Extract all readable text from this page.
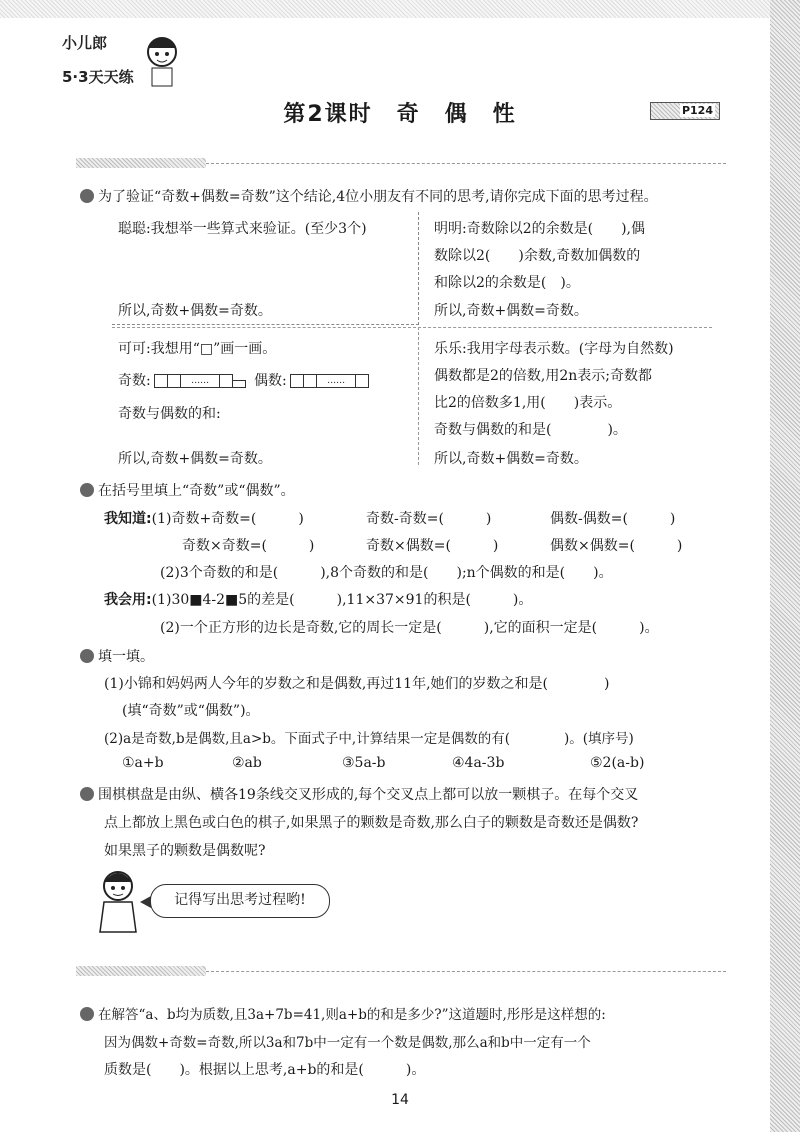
小儿郎
5·3天天练
第2课时　奇　偶　性	P124
为了验证“奇数+偶数=奇数”这个结论,4位小朋友有不同的思考,请你完成下面的思考过程。
聪聪:我想举一些算式来验证。(至少3个)
所以,奇数+偶数=奇数。
明明:奇数除以2的余数是(　　),偶
数除以2(　　)余数,奇数加偶数的
和除以2的余数是(　)。
所以,奇数+偶数=奇数。
可可:我想用“□”画一画。
奇数:	……	偶数:	……
奇数与偶数的和:
所以,奇数+偶数=奇数。
乐乐:我用字母表示数。(字母为自然数)
偶数都是2的倍数,用2n表示;奇数都
比2的倍数多1,用(　　)表示。
奇数与偶数的和是(　　　　)。
所以,奇数+偶数=奇数。
在括号里填上“奇数”或“偶数”。
我知道:(1)奇数+奇数=(　　　)	奇数-奇数=(　　　)	偶数-偶数=(　　　)
奇数×奇数=(　　　)	奇数×偶数=(　　　)	偶数×偶数=(　　　)
(2)3个奇数的和是(　　　),8个奇数的和是(　　);n个偶数的和是(　　)。
我会用:(1)30■4-2■5的差是(　　　),11×37×91的积是(　　　)。
(2)一个正方形的边长是奇数,它的周长一定是(　　　),它的面积一定是(　　　)。
填一填。
(1)小锦和妈妈两人今年的岁数之和是偶数,再过11年,她们的岁数之和是(　　　　)
(填“奇数”或“偶数”)。
(2)a是奇数,b是偶数,且a>b。下面式子中,计算结果一定是偶数的有(　　　　)。(填序号)
①a+b	②ab	③5a-b	④4a-3b	⑤2(a-b)
围棋棋盘是由纵、横各19条线交叉形成的,每个交叉点上都可以放一颗棋子。在每个交叉
点上都放上黑色或白色的棋子,如果黑子的颗数是奇数,那么白子的颗数是奇数还是偶数?
如果黑子的颗数是偶数呢?
记得写出思考过程哟!
在解答“a、b均为质数,且3a+7b=41,则a+b的和是多少?”这道题时,彤彤是这样想的:
因为偶数+奇数=奇数,所以3a和7b中一定有一个数是偶数,那么a和b中一定有一个
质数是(　　)。根据以上思考,a+b的和是(　　　)。
14
